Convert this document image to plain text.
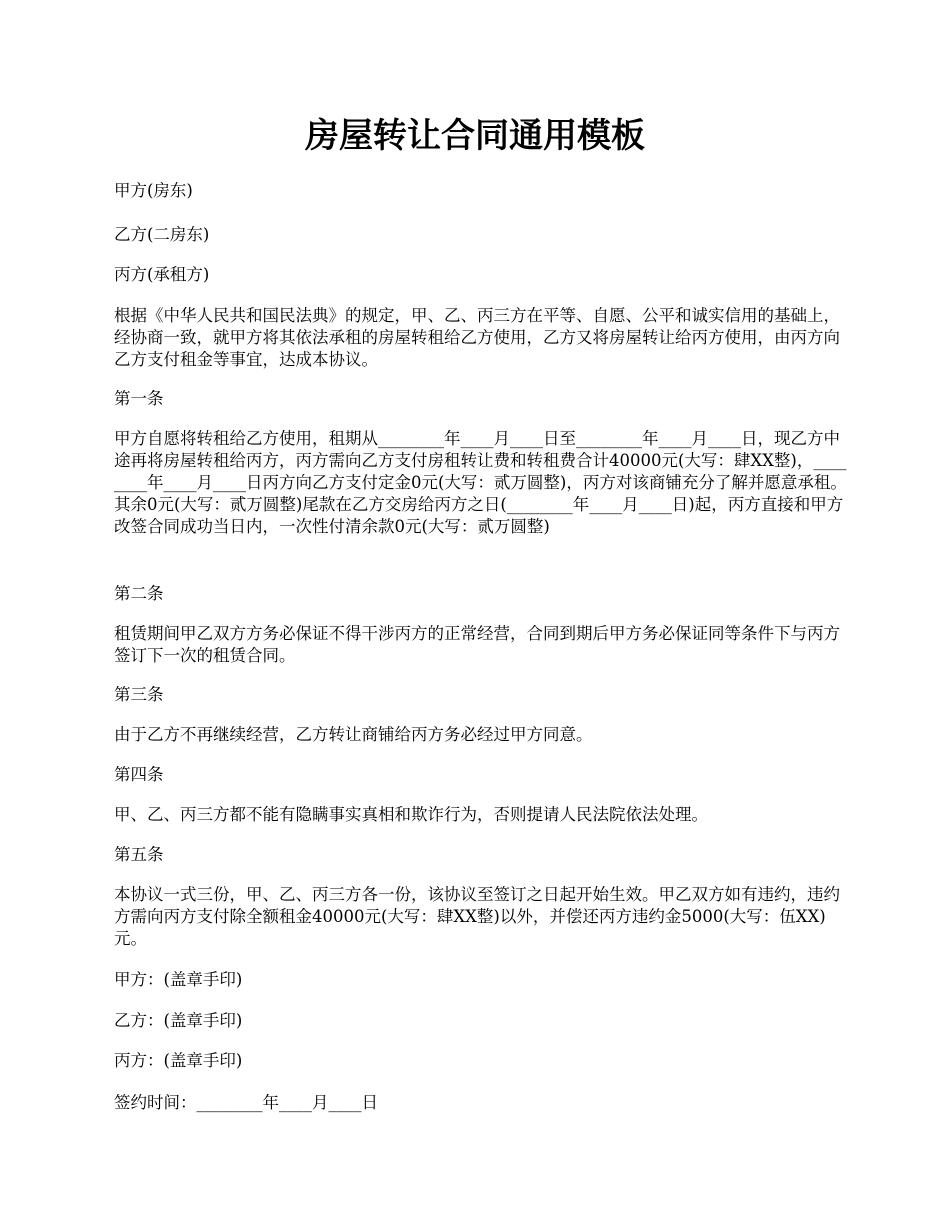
房屋转让合同通用模板

甲方(房东)

乙方(二房东)

丙方(承租方)

根据《中华人民共和国民法典》的规定，甲、乙、丙三方在平等、自愿、公平和诚实信用的基础上，经协商一致，就甲方将其依法承租的房屋转租给乙方使用，乙方又将房屋转让给丙方使用，由丙方向乙方支付租金等事宜，达成本协议。

第一条

甲方自愿将转租给乙方使用，租期从________年____月____日至________年____月____日，现乙方中途再将房屋转租给丙方，丙方需向乙方支付房租转让费和转租费合计40000元(大写：肆XX整)，________年____月____日丙方向乙方支付定金0元(大写：贰万圆整)，丙方对该商铺充分了解并愿意承租。其余0元(大写：贰万圆整)尾款在乙方交房给丙方之日(________年____月____日)起，丙方直接和甲方改签合同成功当日内，一次性付清余款0元(大写：贰万圆整)

第二条

租赁期间甲乙双方方务必保证不得干涉丙方的正常经营，合同到期后甲方务必保证同等条件下与丙方签订下一次的租赁合同。

第三条

由于乙方不再继续经营，乙方转让商铺给丙方务必经过甲方同意。

第四条

甲、乙、丙三方都不能有隐瞒事实真相和欺诈行为，否则提请人民法院依法处理。

第五条

本协议一式三份，甲、乙、丙三方各一份，该协议至签订之日起开始生效。甲乙双方如有违约，违约方需向丙方支付除全额租金40000元(大写：肆XX整)以外，并偿还丙方违约金5000(大写：伍XX)元。

甲方：(盖章手印)

乙方：(盖章手印)

丙方：(盖章手印)

签约时间：________年____月____日
